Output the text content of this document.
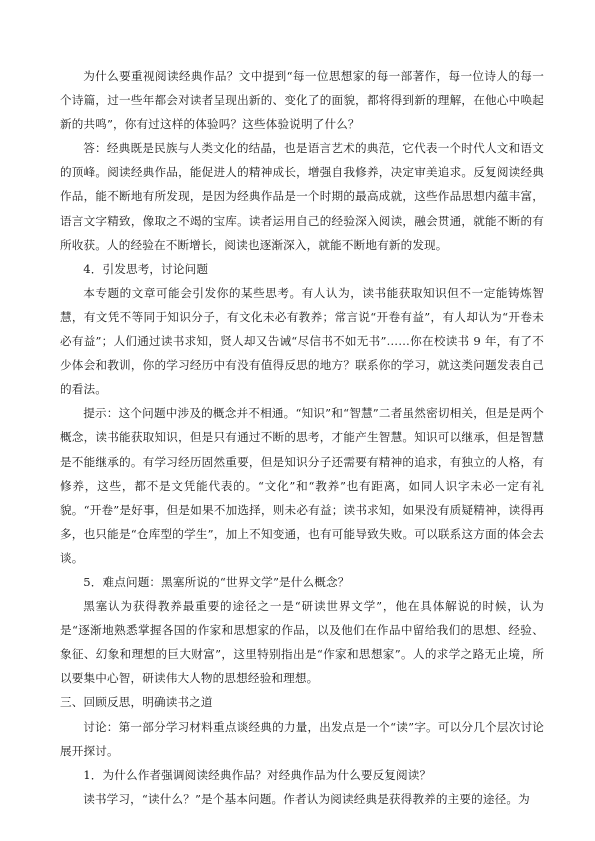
为什么要重视阅读经典作品？文中提到“每一位思想家的每一部著作，每一位诗人的每一个诗篇，过一些年都会对读者呈现出新的、变化了的面貌，都将得到新的理解，在他心中唤起新的共鸣”，你有过这样的体验吗？这些体验说明了什么？

答：经典既是民族与人类文化的结晶，也是语言艺术的典范，它代表一个时代人文和语文的顶峰。阅读经典作品，能促进人的精神成长，增强自我修养，决定审美追求。反复阅读经典作品，能不断地有所发现，是因为经典作品是一个时期的最高成就，这些作品思想内蕴丰富，语言文字精致，像取之不竭的宝库。读者运用自己的经验深入阅读，融会贯通，就能不断的有所收获。人的经验在不断增长，阅读也逐渐深入，就能不断地有新的发现。

4．引发思考，讨论问题

本专题的文章可能会引发你的某些思考。有人认为，读书能获取知识但不一定能铸炼智慧，有文凭不等同于知识分子，有文化未必有教养；常言说“开卷有益”，有人却认为“开卷未必有益”；人们通过读书求知，贤人却又告诫“尽信书不如无书”……你在校读书 9 年，有了不少体会和教训，你的学习经历中有没有值得反思的地方？联系你的学习，就这类问题发表自己的看法。

提示：这个问题中涉及的概念并不相通。“知识”和“智慧”二者虽然密切相关，但是是两个概念，读书能获取知识，但是只有通过不断的思考，才能产生智慧。知识可以继承，但是智慧是不能继承的。有学习经历固然重要，但是知识分子还需要有精神的追求，有独立的人格，有修养，这些，都不是文凭能代表的。“文化”和“教养”也有距离，如同人识字未必一定有礼貌。“开卷”是好事，但是如果不加选择，则未必有益；读书求知，如果没有质疑精神，读得再多，也只能是“仓库型的学生”，加上不知变通，也有可能导致失败。可以联系这方面的体会去谈。

5．难点问题：黑塞所说的“世界文学”是什么概念？

黑塞认为获得教养最重要的途径之一是“研读世界文学”，他在具体解说的时候，认为是“逐渐地熟悉掌握各国的作家和思想家的作品，以及他们在作品中留给我们的思想、经验、象征、幻象和理想的巨大财富”，这里特别指出是“作家和思想家”。人的求学之路无止境，所以要集中心智，研读伟大人物的思想经验和理想。

三、回顾反思，明确读书之道

讨论：第一部分学习材料重点谈经典的力量，出发点是一个“读”字。可以分几个层次讨论展开探讨。

1．为什么作者强调阅读经典作品？对经典作品为什么要反复阅读？

读书学习，“读什么？”是个基本问题。作者认为阅读经典是获得教养的主要的途径。为
